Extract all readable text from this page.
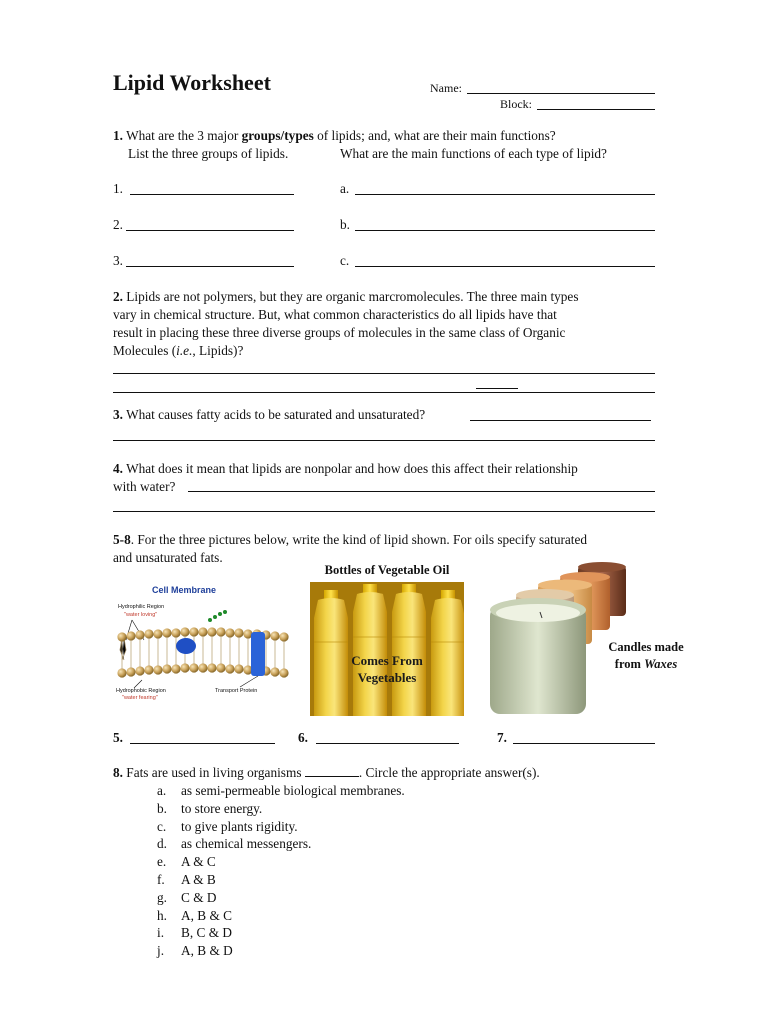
Lipid Worksheet	Name:
Block:
1. What are the 3 major groups/types of lipids; and, what are their main functions?
List the three groups of lipids.	What are the main functions of each type of lipid?
1.	a.
2.	b.
3.	c.
2. Lipids are not polymers, but they are organic marcromolecules. The three main types
vary in chemical structure. But, what common characteristics do all lipids have that
result in placing these three diverse groups of molecules in the same class of Organic
Molecules (i.e., Lipids)?
3. What causes fatty acids to be saturated and unsaturated?
4. What does it mean that lipids are nonpolar and how does this affect their relationship
with water?
5-8. For the three pictures below, write the kind of lipid shown. For oils specify saturated
and unsaturated fats.
Cell Membrane
Hydrophilic Region
"water loving"
Hydrophobic Region
"water fearing"
Transport Protein
Bottles of Vegetable Oil
Comes From
Vegetables
Candles made
from Waxes
5.	6.	7.
8. Fats are used in living organisms	. Circle the appropriate answer(s).
a. as semi-permeable biological membranes.
b. to store energy.
c. to give plants rigidity.
d. as chemical messengers.
e. A & C
f. A & B
g. C & D
h. A, B & C
i. B, C & D
j. A, B & D
